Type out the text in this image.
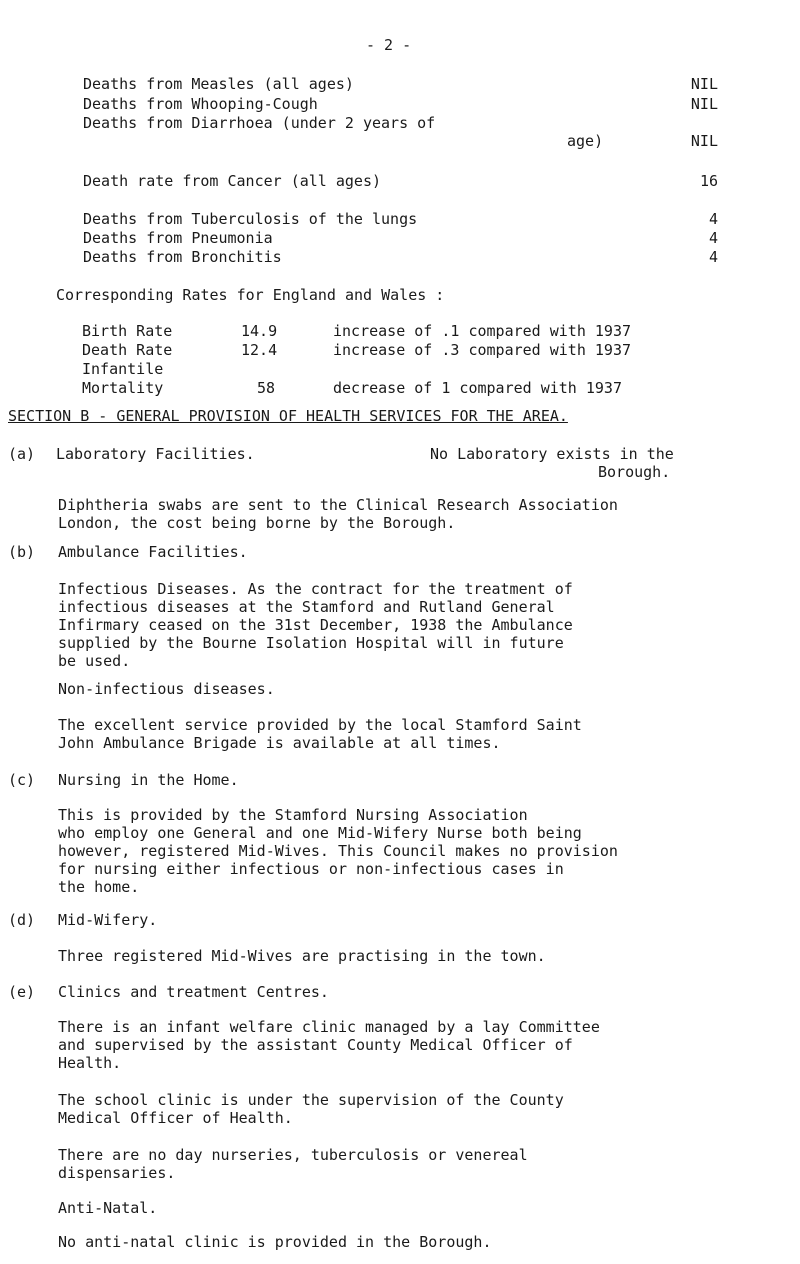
- 2 -
Deaths from Measles (all ages)	NIL
Deaths from Whooping-Cough	NIL
Deaths from Diarrhoea (under 2 years of
age)	NIL
Death rate from Cancer (all ages)	16
Deaths from Tuberculosis of the lungs	4
Deaths from Pneumonia	4
Deaths from Bronchitis	4
Corresponding Rates for England and Wales :
Birth Rate	14.9	increase of .1 compared with 1937
Death Rate	12.4	increase of .3 compared with 1937
Infantile
Mortality	58	decrease of 1 compared with 1937
SECTION B - GENERAL PROVISION OF HEALTH SERVICES FOR THE AREA.
(a) Laboratory Facilities.	No Laboratory exists in the
Borough.
Diphtheria swabs are sent to the Clinical Research Association
London, the cost being borne by the Borough.
(b) Ambulance Facilities.
Infectious Diseases. As the contract for the treatment of
infectious diseases at the Stamford and Rutland General
Infirmary ceased on the 31st December, 1938 the Ambulance
supplied by the Bourne Isolation Hospital will in future
be used.
Non-infectious diseases.
The excellent service provided by the local Stamford Saint
John Ambulance Brigade is available at all times.
(c) Nursing in the Home.
This is provided by the Stamford Nursing Association
who employ one General and one Mid-Wifery Nurse both being
however, registered Mid-Wives. This Council makes no provision
for nursing either infectious or non-infectious cases in
the home.
(d) Mid-Wifery.
Three registered Mid-Wives are practising in the town.
(e) Clinics and treatment Centres.
There is an infant welfare clinic managed by a lay Committee
and supervised by the assistant County Medical Officer of
Health.
The school clinic is under the supervision of the County
Medical Officer of Health.
There are no day nurseries, tuberculosis or venereal
dispensaries.
Anti-Natal.
No anti-natal clinic is provided in the Borough.
